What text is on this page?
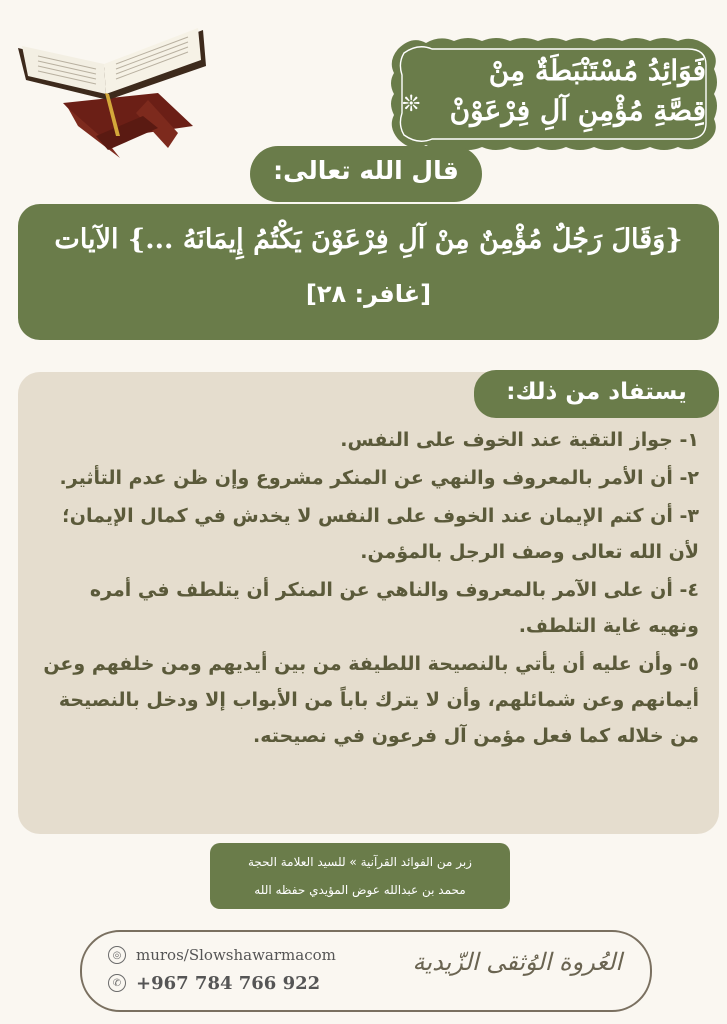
فَوَائِدُ مُسْتَنْبَطَةٌ مِنْ
قِصَّةِ مُؤْمِنِ آلِ فِرْعَوْنْ
❊
{وَقَالَ رَجُلٌ مُؤْمِنٌ مِنْ آلِ فِرْعَوْنَ يَكْتُمُ إِيمَانَهُ ...} الآيات
[غافر: ٢٨]
قال الله تعالى:
يستفاد من ذلك:
١- جواز التقية عند الخوف على النفس.
٢- أن الأمر بالمعروف والنهي عن المنكر مشروع وإن ظن عدم التأثير.
٣- أن كتم الإيمان عند الخوف على النفس لا يخدش في كمال الإيمان؛ لأن الله تعالى وصف الرجل بالمؤمن.
٤- أن على الآمر بالمعروف والناهي عن المنكر أن يتلطف في أمره ونهيه غاية التلطف.
٥- وأن عليه أن يأتي بالنصيحة اللطيفة من بين أيديهم ومن خلفهم وعن أيمانهم وعن شمائلهم، وأن لا يترك باباً من الأبواب إلا ودخل بالنصيحة من خلاله كما فعل مؤمن آل فرعون في نصيحته.
زبر من الفوائد القرآنية » للسيد العلامة الحجة
محمد بن عبدالله عوض المؤيدي حفظه الله
◎ muros/Slowshawarmacom
✆ +967 784 766 922
العُروة الوُثقى الزّيدية
